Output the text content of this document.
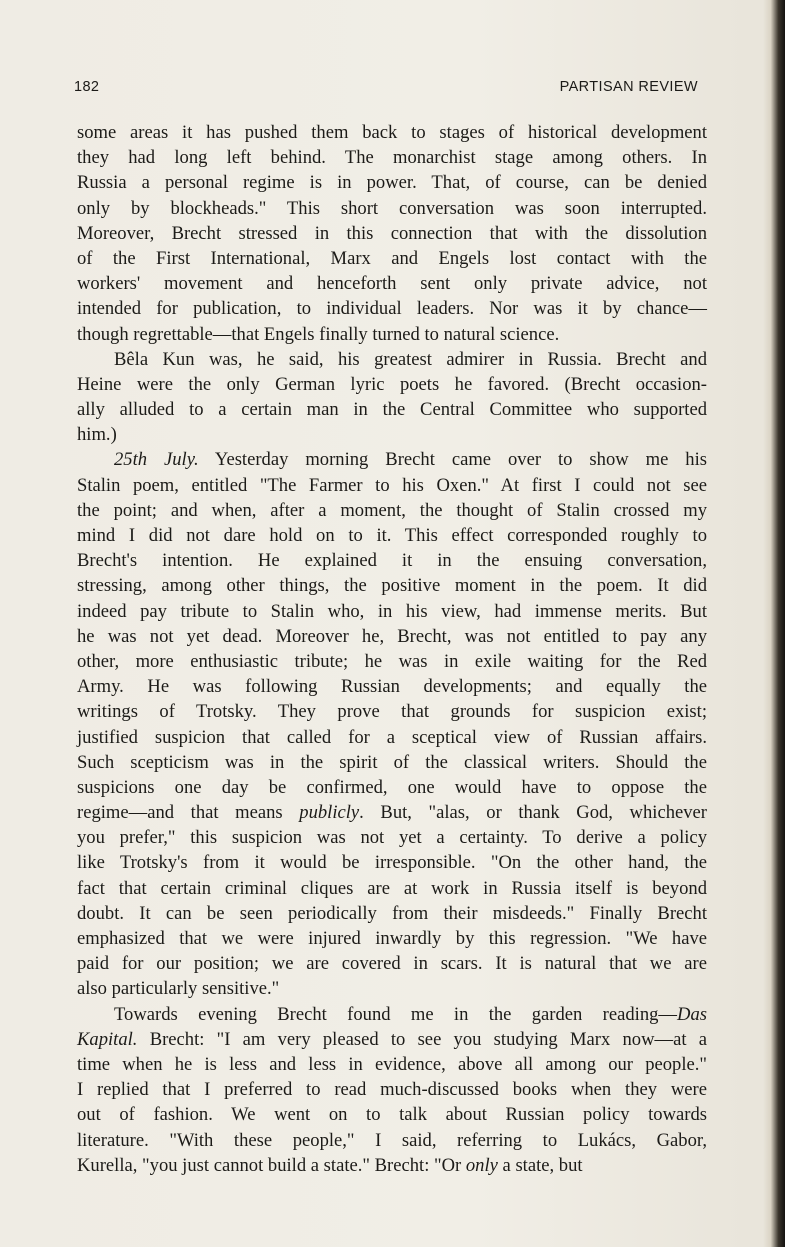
182	PARTISAN REVIEW
some areas it has pushed them back to stages of historical development
they had long left behind. The monarchist stage among others. In
Russia a personal regime is in power. That, of course, can be denied
only by blockheads." This short conversation was soon interrupted.
Moreover, Brecht stressed in this connection that with the dissolution
of the First International, Marx and Engels lost contact with the
workers' movement and henceforth sent only private advice, not
intended for publication, to individual leaders. Nor was it by chance—
though regrettable—that Engels finally turned to natural science.
Bêla Kun was, he said, his greatest admirer in Russia. Brecht and
Heine were the only German lyric poets he favored. (Brecht occasion-
ally alluded to a certain man in the Central Committee who supported
him.)
25th July. Yesterday morning Brecht came over to show me his
Stalin poem, entitled "The Farmer to his Oxen." At first I could not see
the point; and when, after a moment, the thought of Stalin crossed my
mind I did not dare hold on to it. This effect corresponded roughly to
Brecht's intention. He explained it in the ensuing conversation,
stressing, among other things, the positive moment in the poem. It did
indeed pay tribute to Stalin who, in his view, had immense merits. But
he was not yet dead. Moreover he, Brecht, was not entitled to pay any
other, more enthusiastic tribute; he was in exile waiting for the Red
Army. He was following Russian developments; and equally the
writings of Trotsky. They prove that grounds for suspicion exist;
justified suspicion that called for a sceptical view of Russian affairs.
Such scepticism was in the spirit of the classical writers. Should the
suspicions one day be confirmed, one would have to oppose the
regime—and that means publicly. But, "alas, or thank God, whichever
you prefer," this suspicion was not yet a certainty. To derive a policy
like Trotsky's from it would be irresponsible. "On the other hand, the
fact that certain criminal cliques are at work in Russia itself is beyond
doubt. It can be seen periodically from their misdeeds." Finally Brecht
emphasized that we were injured inwardly by this regression. "We have
paid for our position; we are covered in scars. It is natural that we are
also particularly sensitive."
Towards evening Brecht found me in the garden reading—Das
Kapital. Brecht: "I am very pleased to see you studying Marx now—at a
time when he is less and less in evidence, above all among our people."
I replied that I preferred to read much-discussed books when they were
out of fashion. We went on to talk about Russian policy towards
literature. "With these people," I said, referring to Lukács, Gabor,
Kurella, "you just cannot build a state." Brecht: "Or only a state, but
